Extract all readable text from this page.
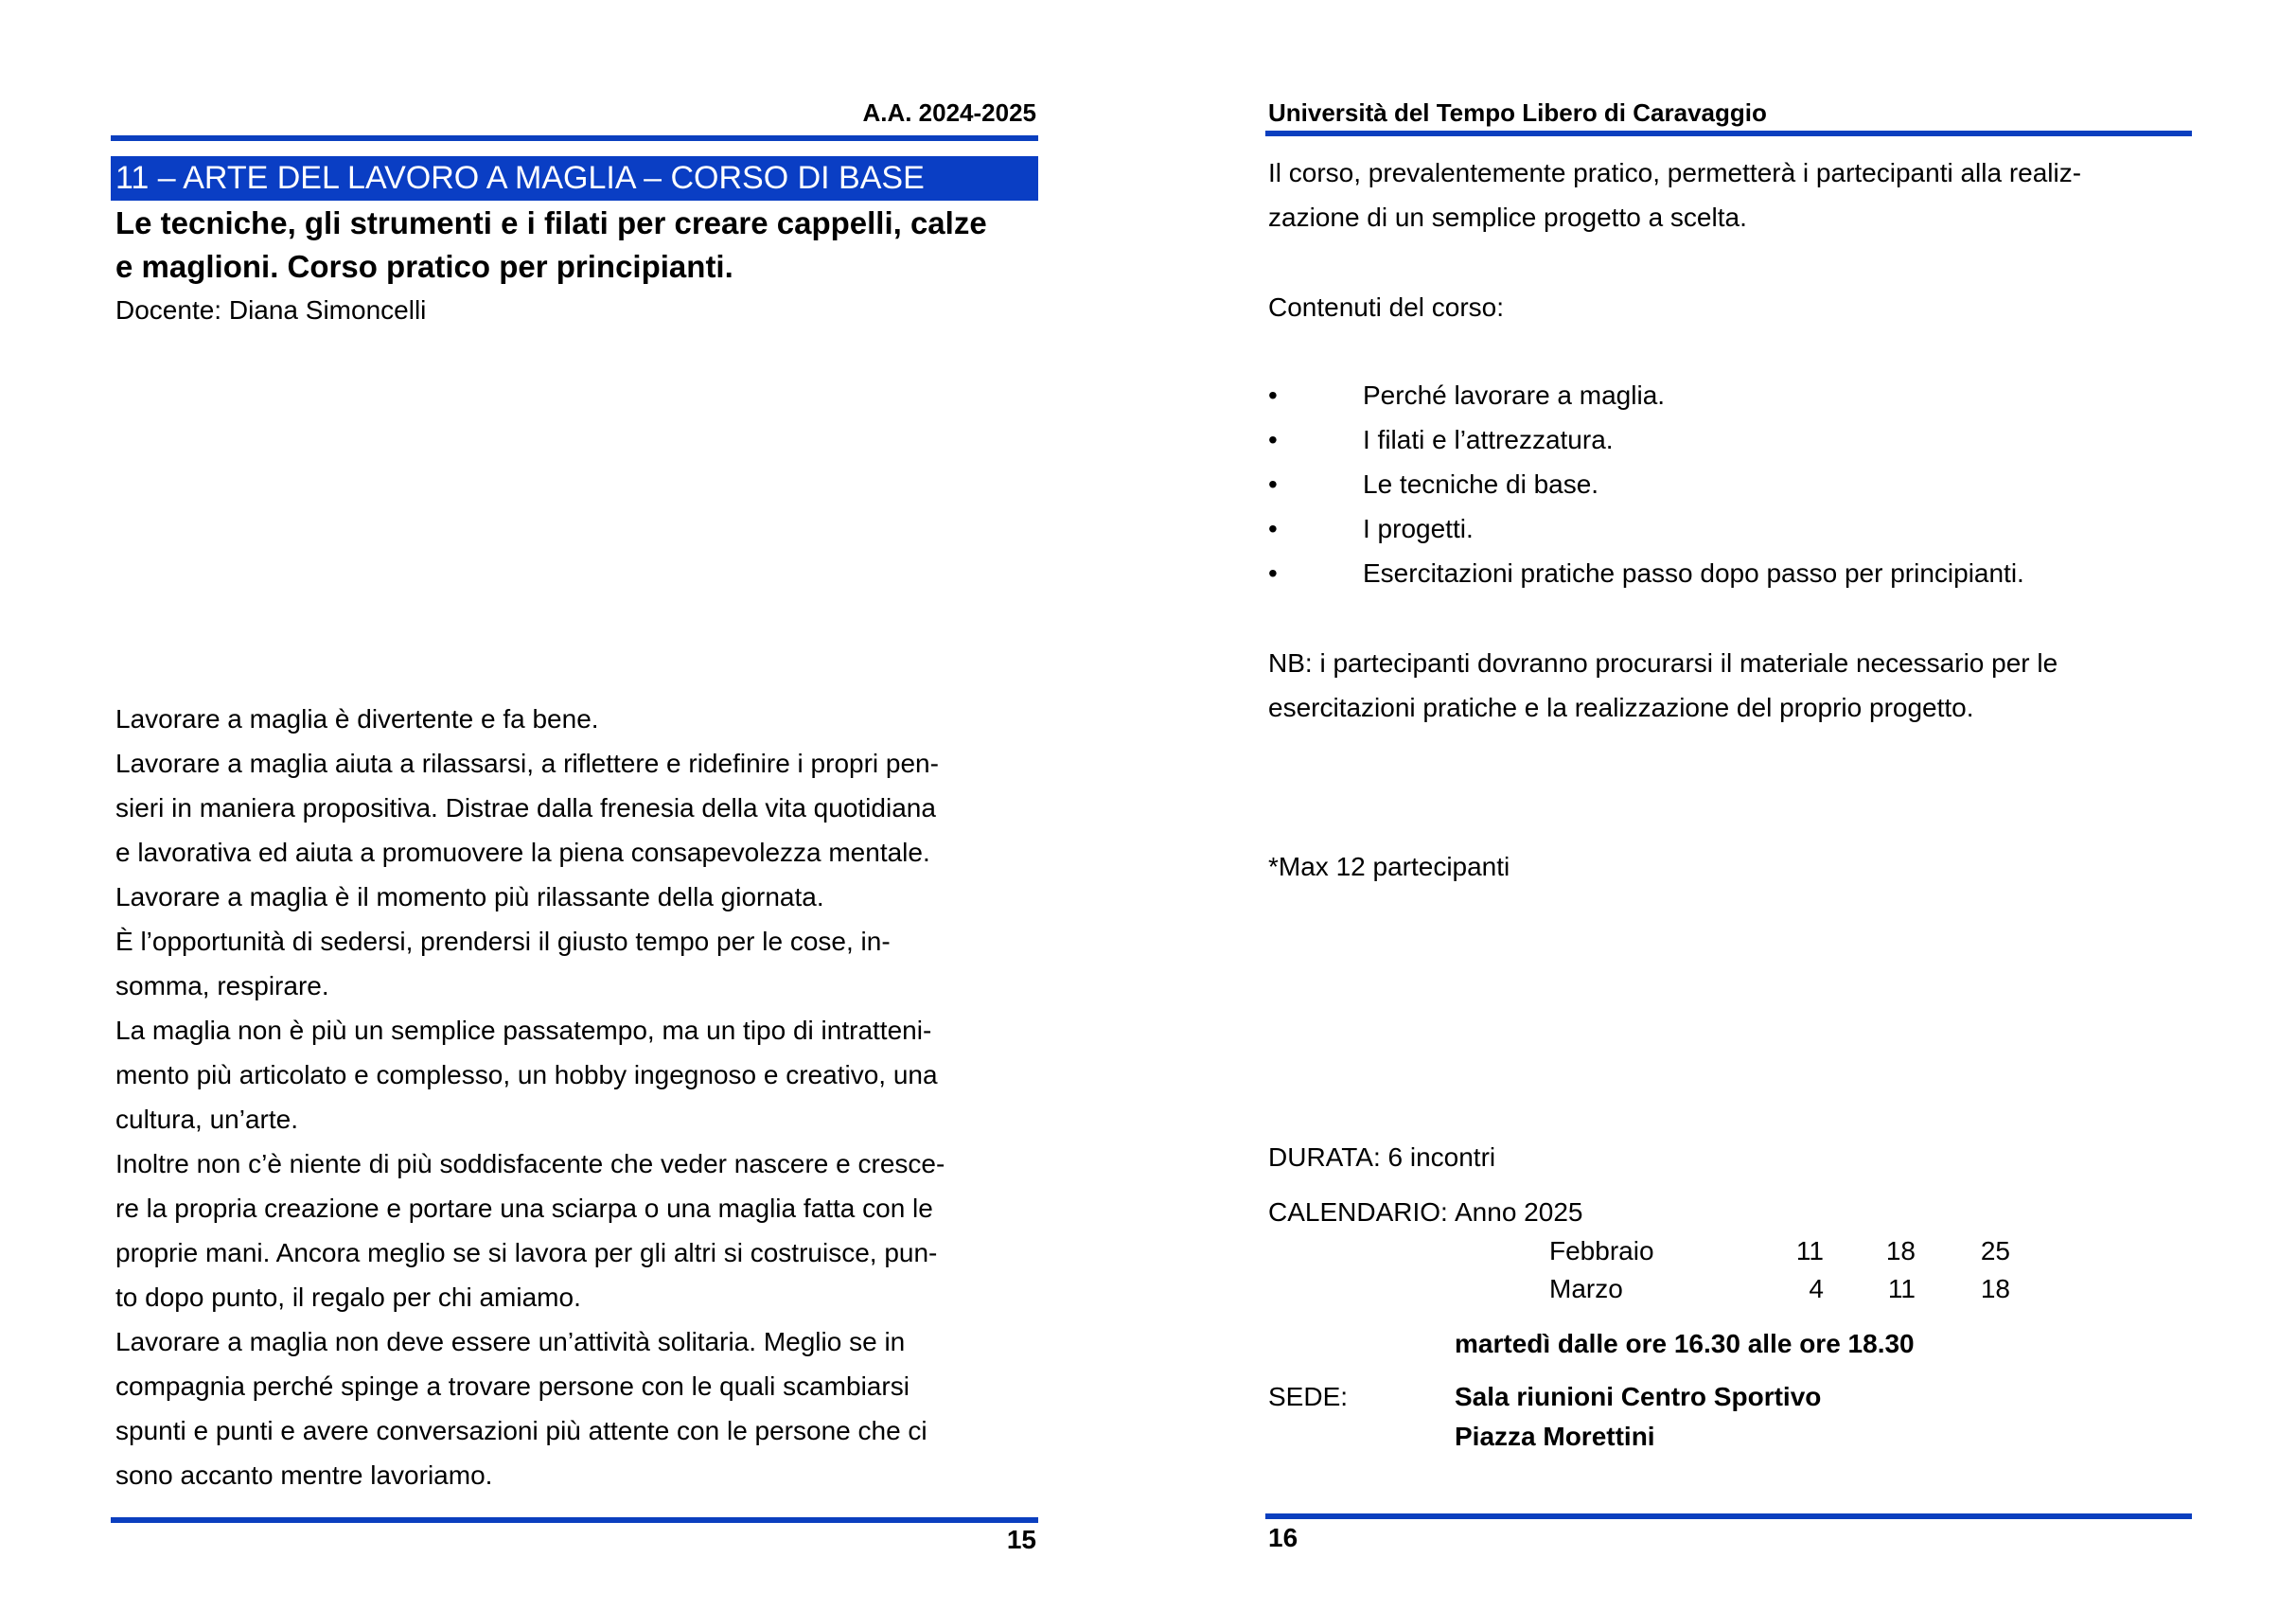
A.A. 2024-2025
11 – ARTE DEL LAVORO A MAGLIA – CORSO DI BASE
Le tecniche, gli strumenti e i filati per creare cappelli, calze
e maglioni. Corso pratico per principianti.
Docente: Diana Simoncelli

Lavorare a maglia è divertente e fa bene.

Lavorare a maglia aiuta a rilassarsi, a riflettere e ridefinire i propri pen-

sieri in maniera propositiva. Distrae dalla frenesia della vita quotidiana

e lavorativa ed aiuta a promuovere la piena consapevolezza mentale.

Lavorare a maglia è il momento più rilassante della giornata.

È l’opportunità di sedersi, prendersi il giusto tempo per le cose, in-

somma, respirare.

La maglia non è più un semplice passatempo, ma un tipo di intratteni-

mento più articolato e complesso, un hobby ingegnoso e creativo, una

cultura, un’arte.

Inoltre non c’è niente di più soddisfacente che veder nascere e cresce-

re la propria creazione e portare una sciarpa o una maglia fatta con le

proprie mani. Ancora meglio se si lavora per gli altri si costruisce, pun-

to dopo punto, il regalo per chi amiamo.

Lavorare a maglia non deve essere un’attività solitaria. Meglio se in

compagnia perché spinge a trovare persone con le quali scambiarsi

spunti e punti e avere conversazioni più attente con le persone che ci

sono accanto mentre lavoriamo.

15
Università del Tempo Libero di Caravaggio

Il corso, prevalentemente pratico, permetterà i partecipanti alla realiz-

zazione di un semplice progetto a scelta.

Contenuti del corso:
•	Perché lavorare a maglia.
•	I filati e l’attrezzatura.
•	Le tecniche di base.
•	I progetti.
•	Esercitazioni pratiche passo dopo passo per principianti.

NB: i partecipanti dovranno procurarsi il materiale necessario per le

esercitazioni pratiche e la realizzazione del proprio progetto.

*Max 12 partecipanti
DURATA: 6 incontri
CALENDARIO: Anno 2025
Febbraio	11	18	25
Marzo	4	11	18
martedì dalle ore 16.30 alle ore 18.30
SEDE:	Sala riunioni Centro Sportivo
Piazza Morettini
16
